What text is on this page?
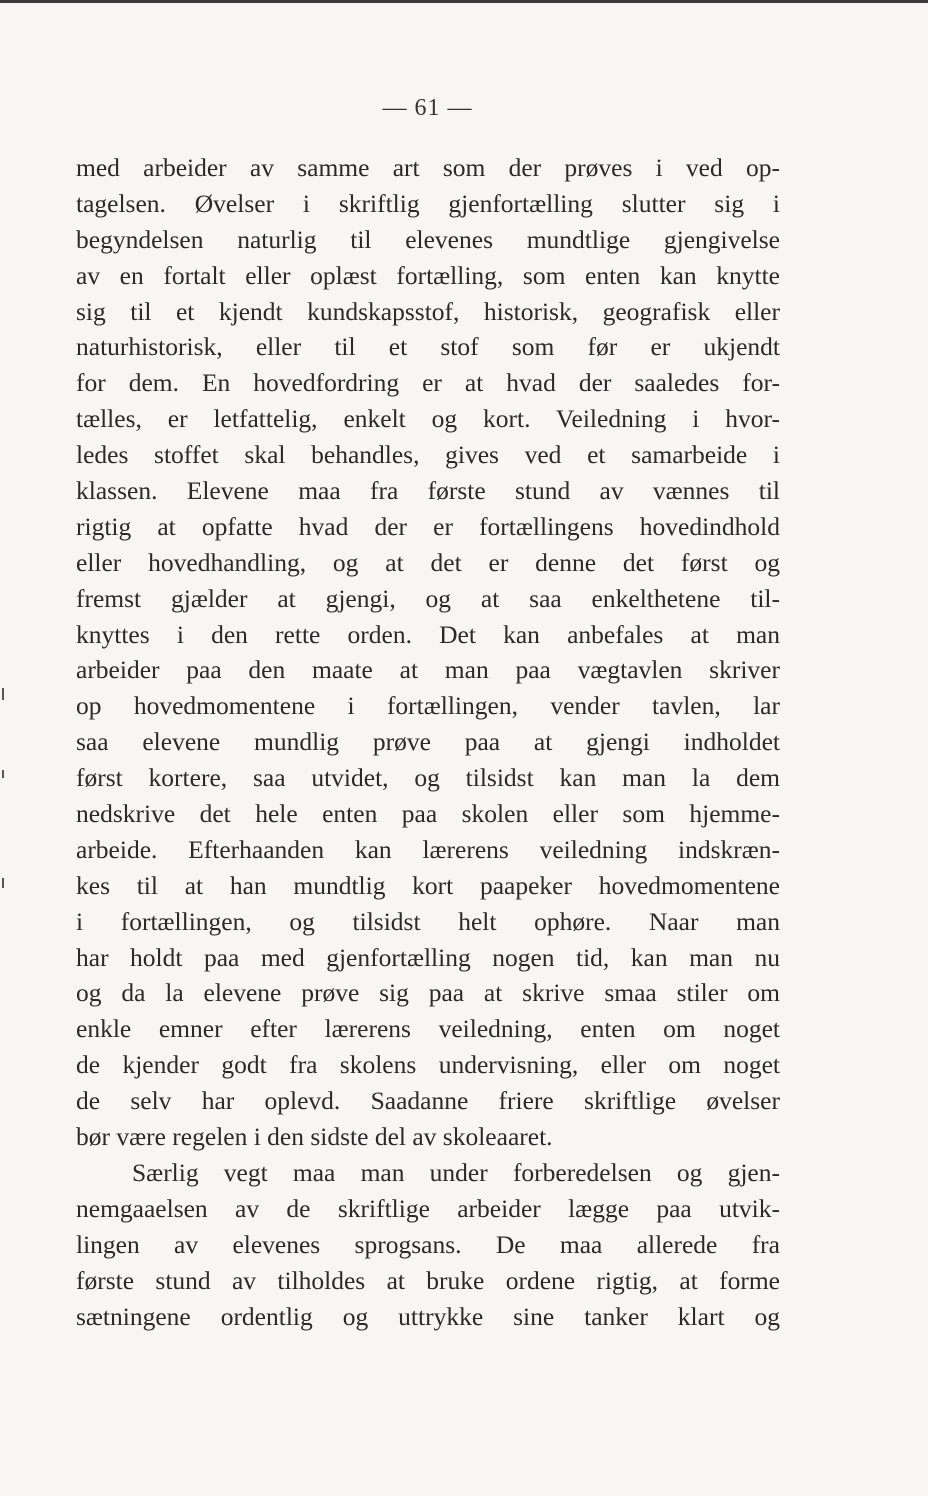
— 61 —
med arbeider av samme art som der prøves i ved op-
tagelsen. Øvelser i skriftlig gjenfortælling slutter sig i
begyndelsen naturlig til elevenes mundtlige gjengivelse
av en fortalt eller oplæst fortælling, som enten kan knytte
sig til et kjendt kundskapsstof, historisk, geografisk eller
naturhistorisk, eller til et stof som før er ukjendt
for dem. En hovedfordring er at hvad der saaledes for-
tælles, er letfattelig, enkelt og kort. Veiledning i hvor-
ledes stoffet skal behandles, gives ved et samarbeide i
klassen. Elevene maa fra første stund av vænnes til
rigtig at opfatte hvad der er fortællingens hovedindhold
eller hovedhandling, og at det er denne det først og
fremst gjælder at gjengi, og at saa enkelthetene til-
knyttes i den rette orden. Det kan anbefales at man
arbeider paa den maate at man paa vægtavlen skriver
op hovedmomentene i fortællingen, vender tavlen, lar
saa elevene mundlig prøve paa at gjengi indholdet
først kortere, saa utvidet, og tilsidst kan man la dem
nedskrive det hele enten paa skolen eller som hjemme-
arbeide. Efterhaanden kan lærerens veiledning indskræn-
kes til at han mundtlig kort paapeker hovedmomentene
i fortællingen, og tilsidst helt ophøre. Naar man
har holdt paa med gjenfortælling nogen tid, kan man nu
og da la elevene prøve sig paa at skrive smaa stiler om
enkle emner efter lærerens veiledning, enten om noget
de kjender godt fra skolens undervisning, eller om noget
de selv har oplevd. Saadanne friere skriftlige øvelser
bør være regelen i den sidste del av skoleaaret.
Særlig vegt maa man under forberedelsen og gjen-
nemgaaelsen av de skriftlige arbeider lægge paa utvik-
lingen av elevenes sprogsans. De maa allerede fra
første stund av tilholdes at bruke ordene rigtig, at forme
sætningene ordentlig og uttrykke sine tanker klart og
